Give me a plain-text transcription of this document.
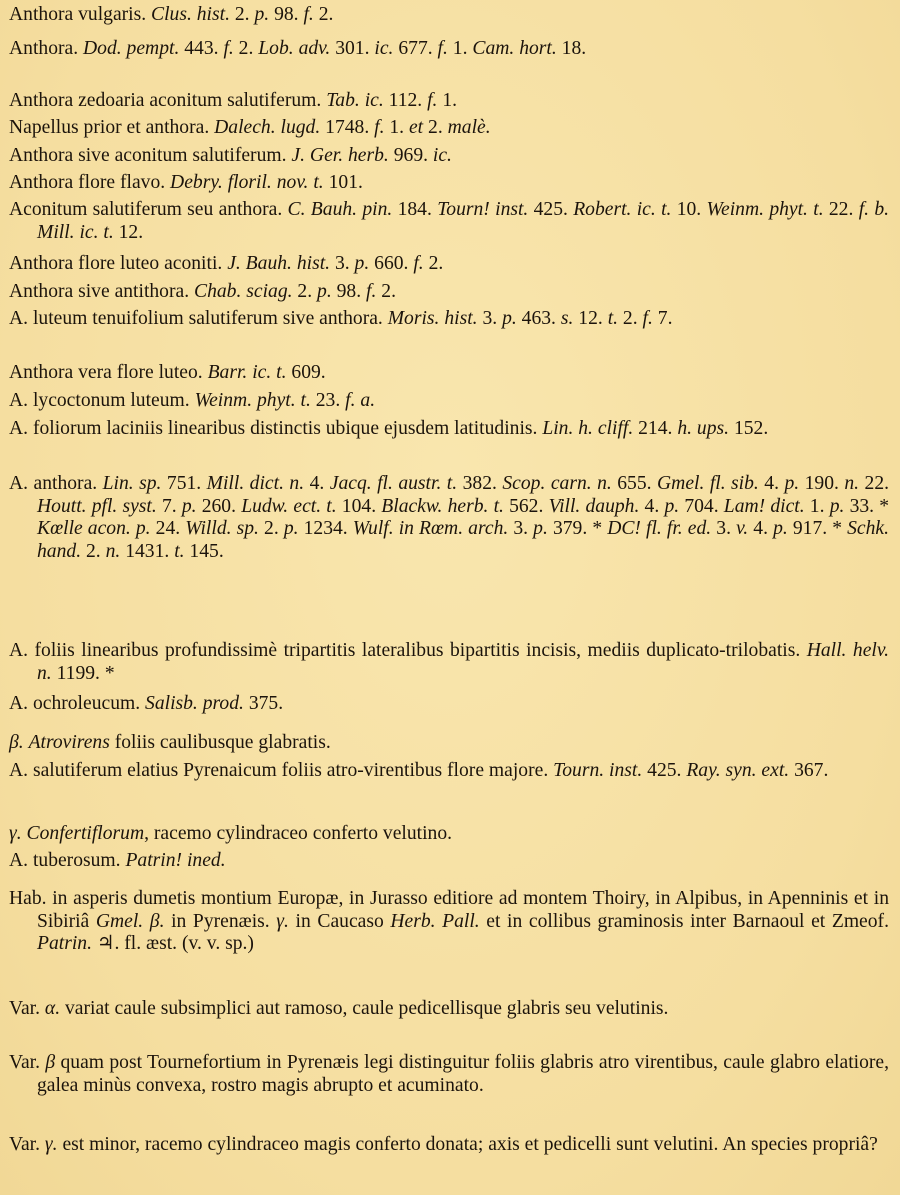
Anthora vulgaris. Clus. hist. 2. p. 98. f. 2.

Anthora. Dod. pempt. 443. f. 2. Lob. adv. 301. ic. 677. f. 1. Cam. hort. 18.

Anthora zedoaria aconitum salutiferum. Tab. ic. 112. f. 1.

Napellus prior et anthora. Dalech. lugd. 1748. f. 1. et 2. malè.

Anthora sive aconitum salutiferum. J. Ger. herb. 969. ic.

Anthora flore flavo. Debry. floril. nov. t. 101.

Aconitum salutiferum seu anthora. C. Bauh. pin. 184. Tourn! inst. 425. Robert. ic. t. 10. Weinm. phyt. t. 22. f. b. Mill. ic. t. 12.

Anthora flore luteo aconiti. J. Bauh. hist. 3. p. 660. f. 2.

Anthora sive antithora. Chab. sciag. 2. p. 98. f. 2.

A. luteum tenuifolium salutiferum sive anthora. Moris. hist. 3. p. 463. s. 12. t. 2. f. 7.

Anthora vera flore luteo. Barr. ic. t. 609.

A. lycoctonum luteum. Weinm. phyt. t. 23. f. a.

A. foliorum laciniis linearibus distinctis ubique ejusdem latitudinis. Lin. h. cliff. 214. h. ups. 152.

A. anthora. Lin. sp. 751. Mill. dict. n. 4. Jacq. fl. austr. t. 382. Scop. carn. n. 655. Gmel. fl. sib. 4. p. 190. n. 22. Houtt. pfl. syst. 7. p. 260. Ludw. ect. t. 104. Blackw. herb. t. 562. Vill. dauph. 4. p. 704. Lam! dict. 1. p. 33. * Kœlle acon. p. 24. Willd. sp. 2. p. 1234. Wulf. in Rœm. arch. 3. p. 379. * DC! fl. fr. ed. 3. v. 4. p. 917. * Schk. hand. 2. n. 1431. t. 145.

A. foliis linearibus profundissimè tripartitis lateralibus bipartitis incisis, mediis duplicato-trilobatis. Hall. helv. n. 1199. *

A. ochroleucum. Salisb. prod. 375.

β. Atrovirens foliis caulibusque glabratis.

A. salutiferum elatius Pyrenaicum foliis atro-virentibus flore majore. Tourn. inst. 425. Ray. syn. ext. 367.

γ. Confertiflorum, racemo cylindraceo conferto velutino.

A. tuberosum. Patrin! ined.

Hab. in asperis dumetis montium Europæ, in Jurasso editiore ad montem Thoiry, in Alpibus, in Apenninis et in Sibiriâ Gmel. β. in Pyrenæis. γ. in Caucaso Herb. Pall. et in collibus graminosis inter Barnaoul et Zmeof. Patrin. ♃. fl. æst. (v. v. sp.)

Var. α. variat caule subsimplici aut ramoso, caule pedicellisque glabris seu velutinis.

Var. β quam post Tournefortium in Pyrenæis legi distinguitur foliis glabris atro virentibus, caule glabro elatiore, galea minùs convexa, rostro magis abrupto et acuminato.

Var. γ. est minor, racemo cylindraceo magis conferto donata; axis et pedicelli sunt velutini. An species propriâ?
